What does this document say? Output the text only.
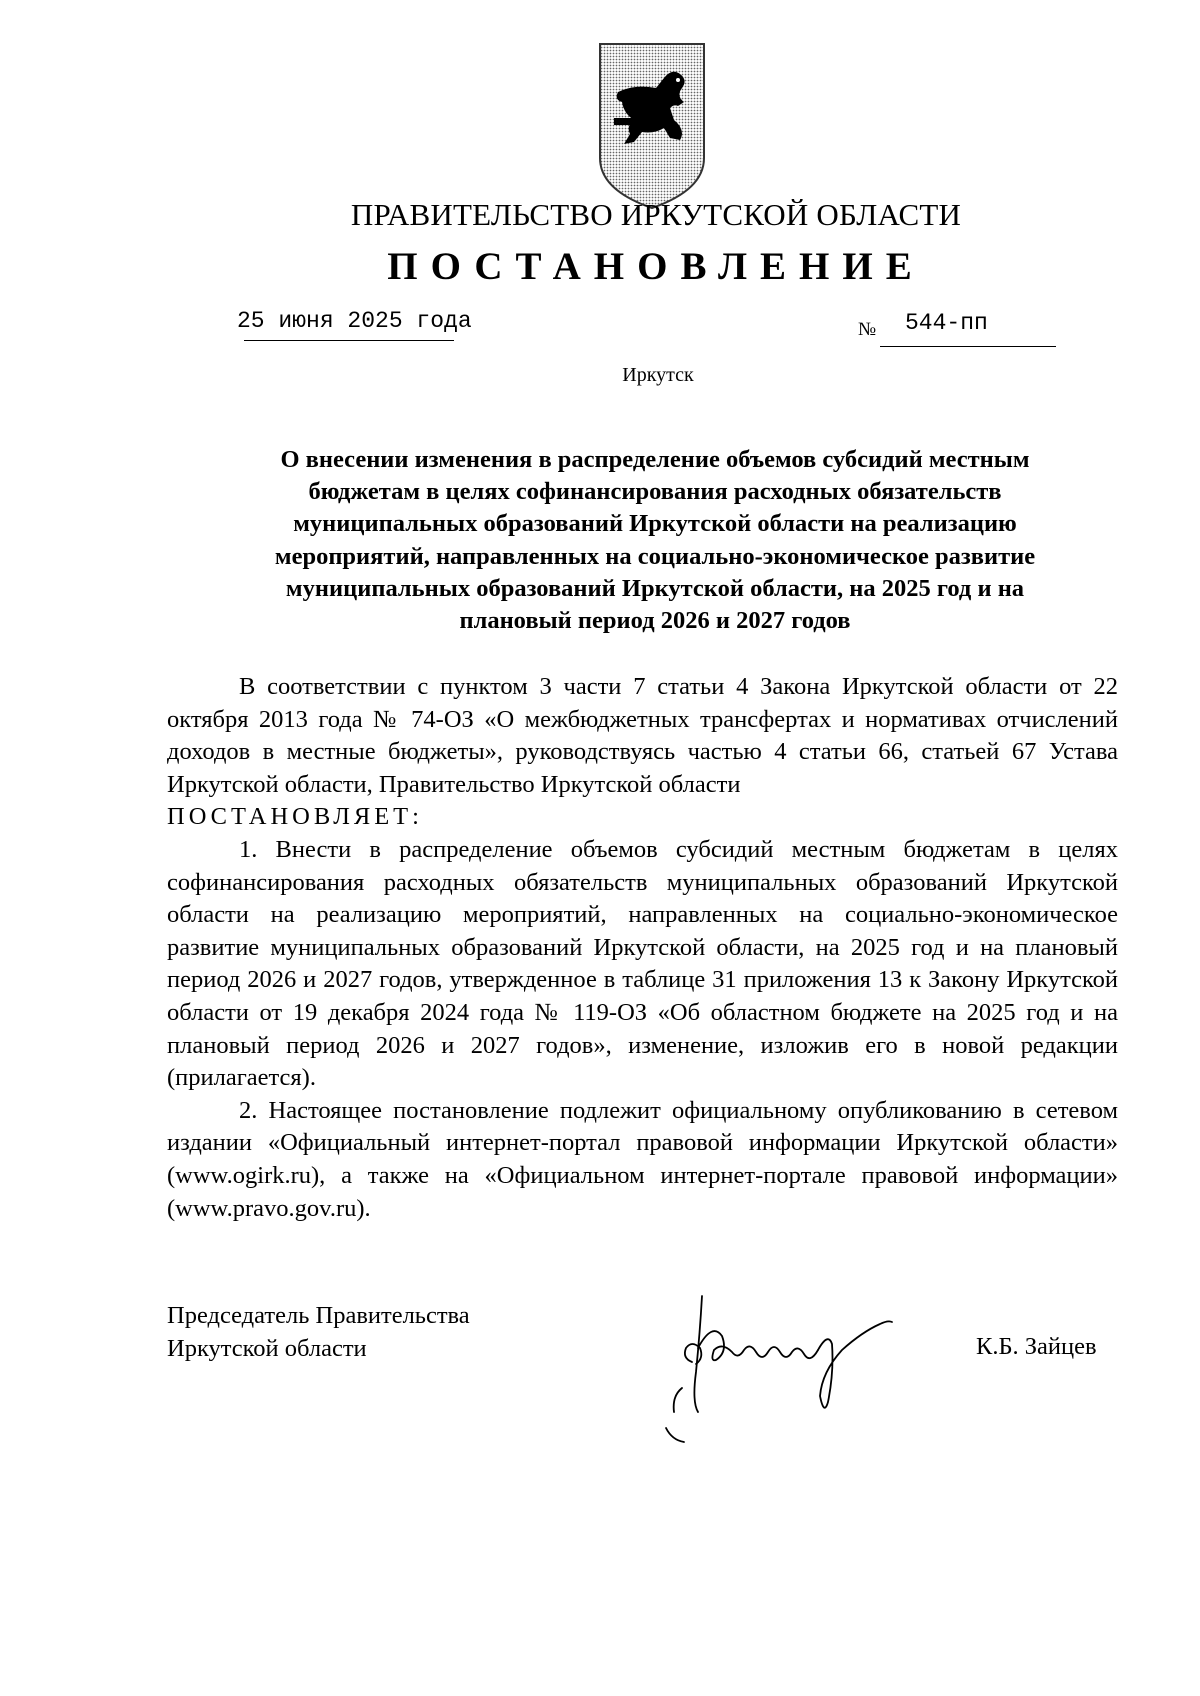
ПРАВИТЕЛЬСТВО ИРКУТСКОЙ ОБЛАСТИ
ПОСТАНОВЛЕНИЕ
25 июня 2025 года	№ 544-пп
Иркутск
О внесении изменения в распределение объемов субсидий местным
бюджетам в целях софинансирования расходных обязательств
муниципальных образований Иркутской области на реализацию
мероприятий, направленных на социально-экономическое развитие
муниципальных образований Иркутской области, на 2025 год и на
плановый период 2026 и 2027 годов

В соответствии с пунктом 3 части 7 статьи 4 Закона Иркутской области от 22 октября 2013 года № 74-ОЗ «О межбюджетных трансфертах и нормативах отчислений доходов в местные бюджеты», руководствуясь частью 4 статьи 66, статьей 67 Устава Иркутской области, Правительство Иркутской области

ПОСТАНОВЛЯЕТ:

1. Внести в распределение объемов субсидий местным бюджетам в целях софинансирования расходных обязательств муниципальных образований Иркутской области на реализацию мероприятий, направленных на социально-экономическое развитие муниципальных образований Иркутской области, на 2025 год и на плановый период 2026 и 2027 годов, утвержденное в таблице 31 приложения 13 к Закону Иркутской области от 19 декабря 2024 года № 119-ОЗ «Об областном бюджете на 2025 год и на плановый период 2026 и 2027 годов», изменение, изложив его в новой редакции (прилагается).

2. Настоящее постановление подлежит официальному опубликованию в сетевом издании «Официальный интернет-портал правовой информации Иркутской области» (www.ogirk.ru), а также на «Официальном интернет-портале правовой информации» (www.pravo.gov.ru).

Председатель Правительства
Иркутской области	К.Б. Зайцев
